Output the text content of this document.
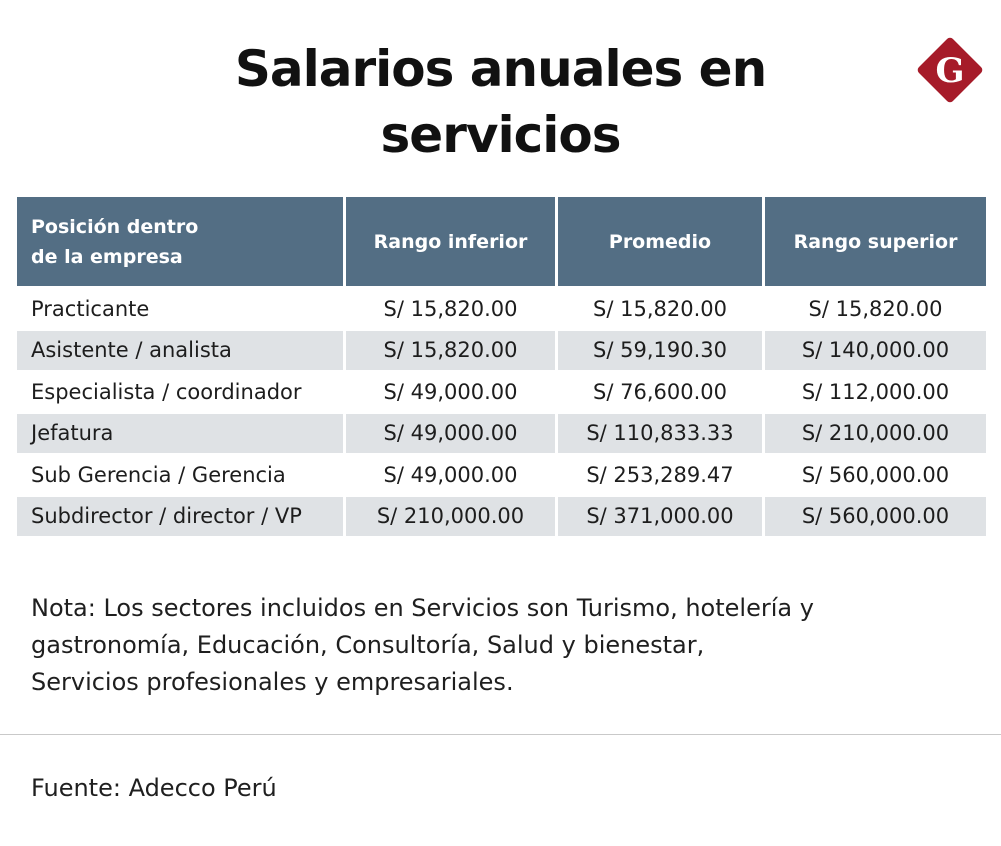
Salarios anuales en
servicios
G
Posición dentro
de la empresa	Rango inferior	Promedio	Rango superior
Practicante	S/ 15,820.00	S/ 15,820.00	S/ 15,820.00
Asistente / analista	S/ 15,820.00	S/ 59,190.30	S/ 140,000.00
Especialista / coordinador	S/ 49,000.00	S/ 76,600.00	S/ 112,000.00
Jefatura	S/ 49,000.00	S/ 110,833.33	S/ 210,000.00
Sub Gerencia / Gerencia	S/ 49,000.00	S/ 253,289.47	S/ 560,000.00
Subdirector / director / VP	S/ 210,000.00	S/ 371,000.00	S/ 560,000.00
Nota: Los sectores incluidos en Servicios son Turismo, hotelería y
gastronomía, Educación, Consultoría, Salud y bienestar,
Servicios profesionales y empresariales.
Fuente: Adecco Perú
